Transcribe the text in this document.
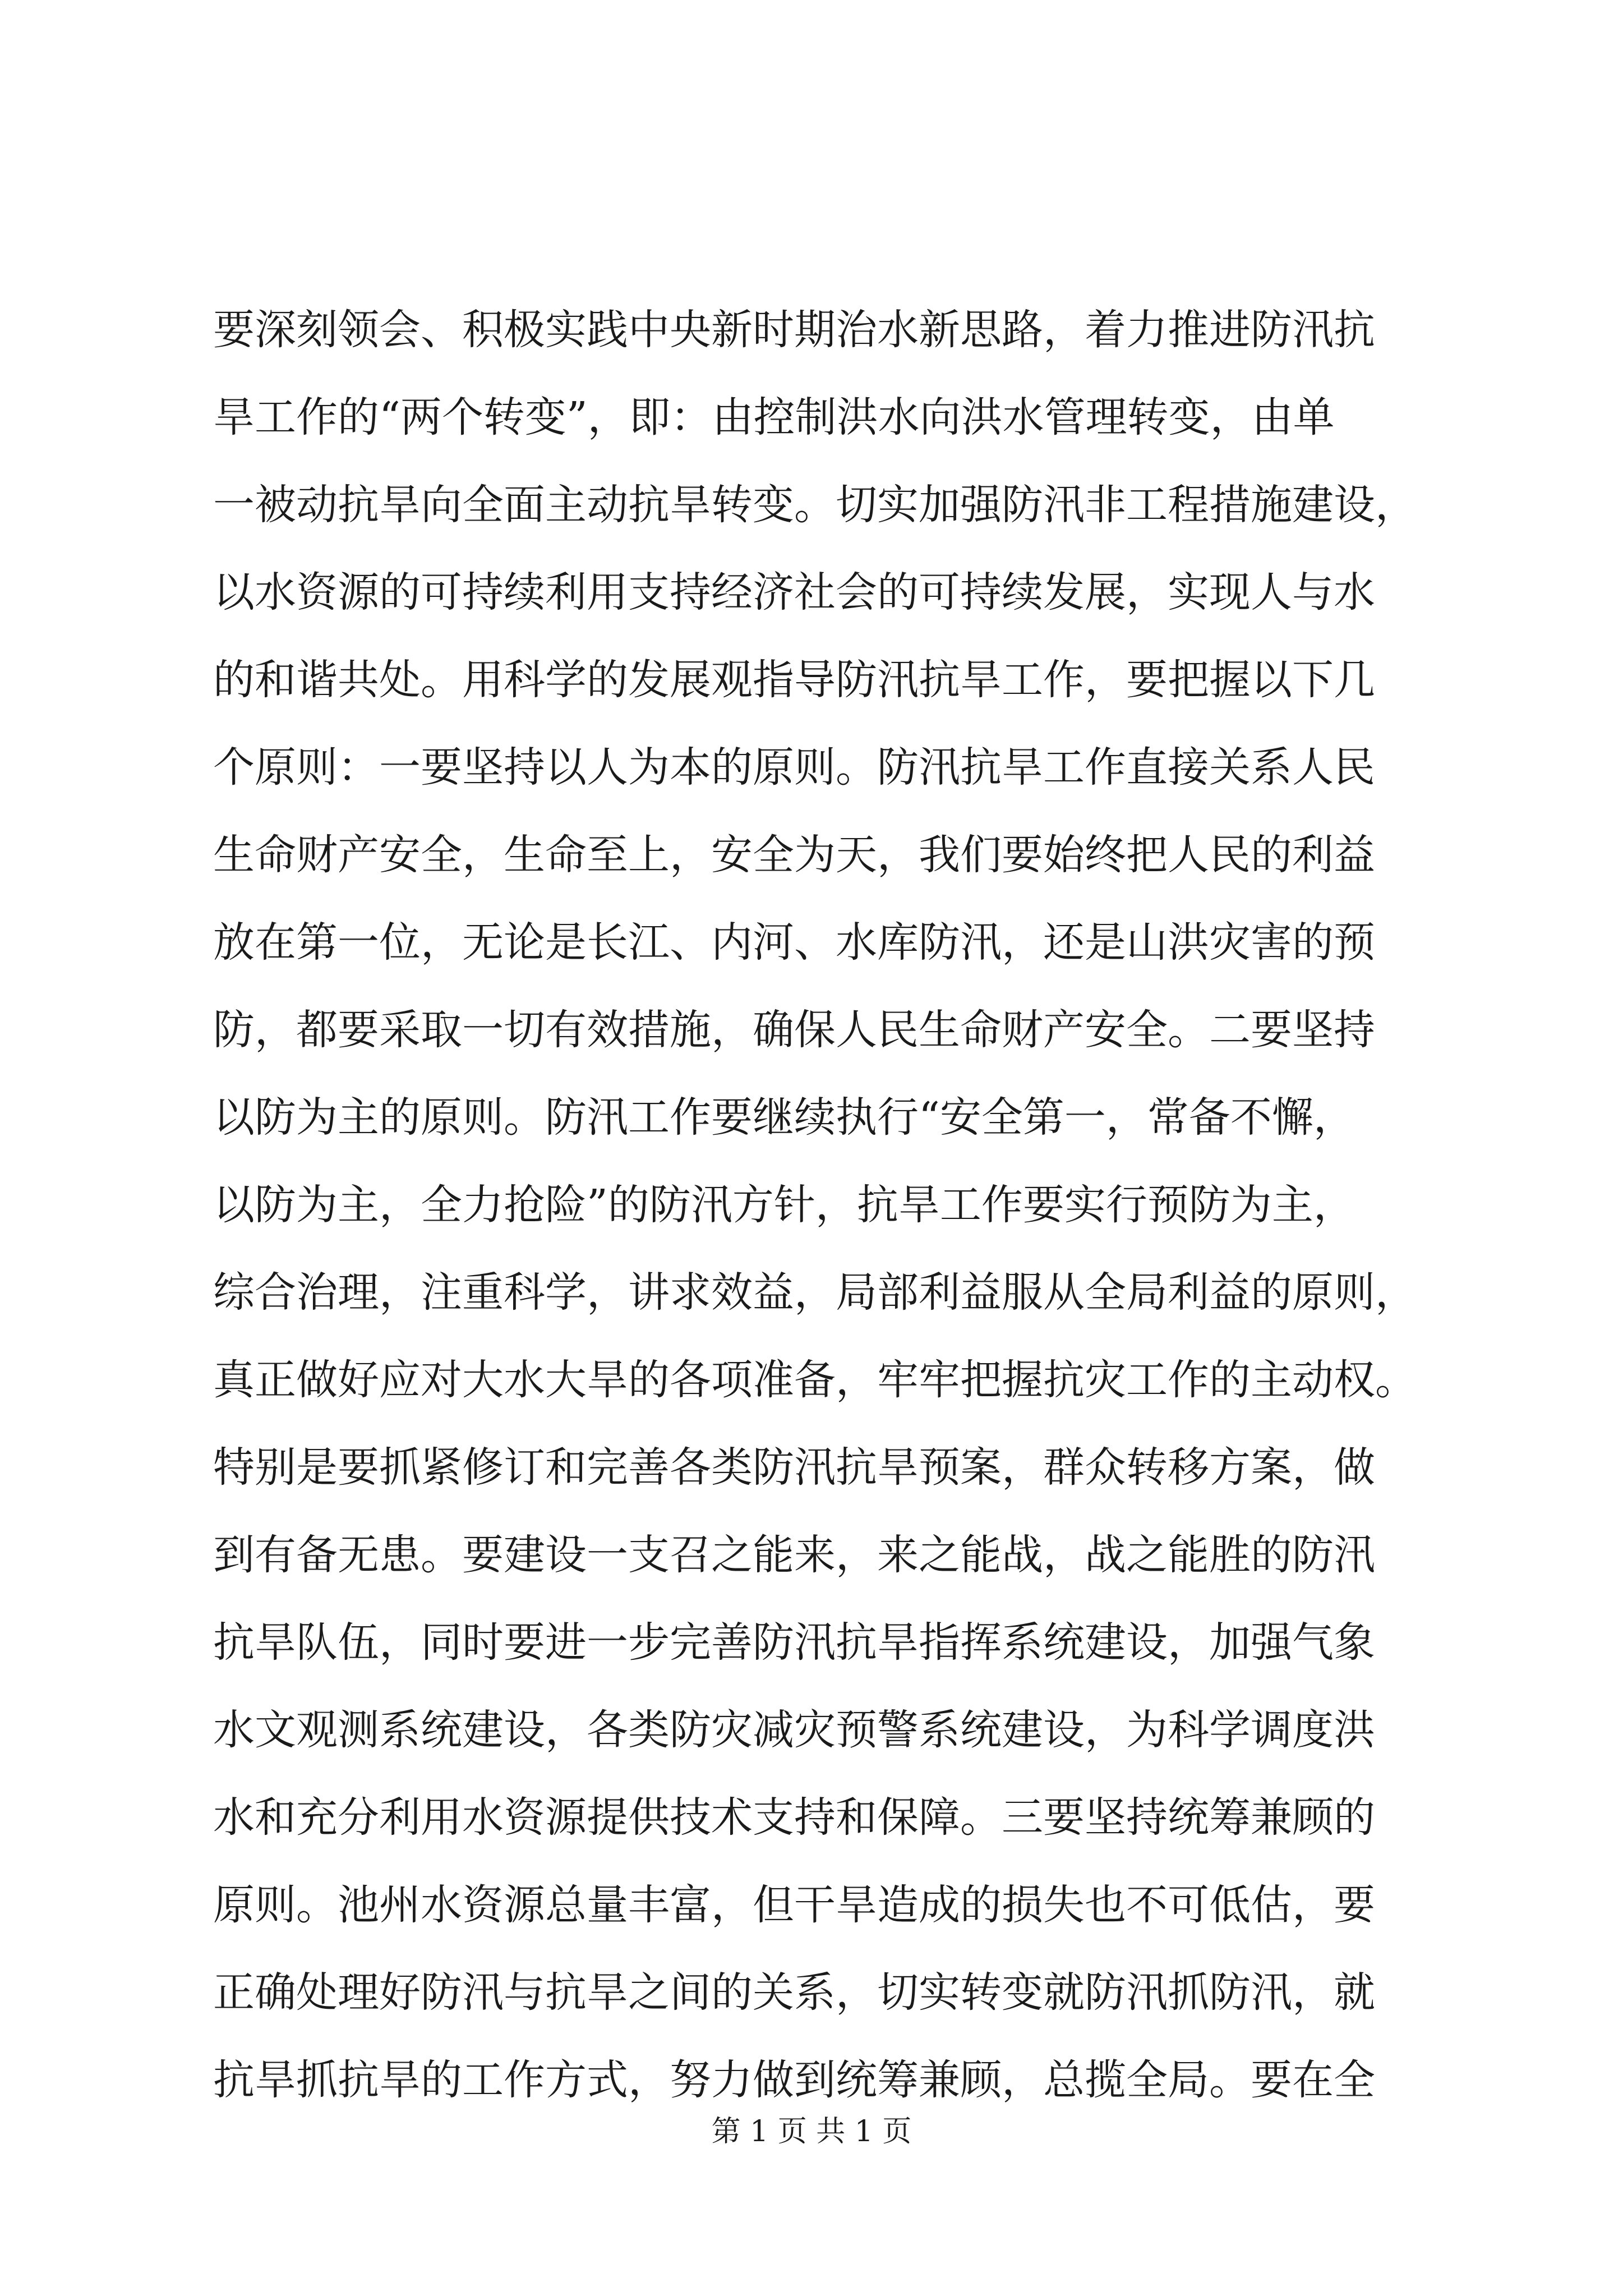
要深刻领会、积极实践中央新时期治水新思路，着力推进防汛抗
旱工作的“两个转变”，即：由控制洪水向洪水管理转变，由单
一被动抗旱向全面主动抗旱转变。切实加强防汛非工程措施建设，
以水资源的可持续利用支持经济社会的可持续发展，实现人与水
的和谐共处。用科学的发展观指导防汛抗旱工作，要把握以下几
个原则：一要坚持以人为本的原则。防汛抗旱工作直接关系人民
生命财产安全，生命至上，安全为天，我们要始终把人民的利益
放在第一位，无论是长江、内河、水库防汛，还是山洪灾害的预
防，都要采取一切有效措施，确保人民生命财产安全。二要坚持
以防为主的原则。防汛工作要继续执行“安全第一，常备不懈，
以防为主，全力抢险”的防汛方针，抗旱工作要实行预防为主，
综合治理，注重科学，讲求效益，局部利益服从全局利益的原则，
真正做好应对大水大旱的各项准备，牢牢把握抗灾工作的主动权。
特别是要抓紧修订和完善各类防汛抗旱预案，群众转移方案，做
到有备无患。要建设一支召之能来，来之能战，战之能胜的防汛
抗旱队伍，同时要进一步完善防汛抗旱指挥系统建设，加强气象
水文观测系统建设，各类防灾减灾预警系统建设，为科学调度洪
水和充分利用水资源提供技术支持和保障。三要坚持统筹兼顾的
原则。池州水资源总量丰富，但干旱造成的损失也不可低估，要
正确处理好防汛与抗旱之间的关系，切实转变就防汛抓防汛，就
抗旱抓抗旱的工作方式，努力做到统筹兼顾，总揽全局。要在全
第 1 页 共 1 页
